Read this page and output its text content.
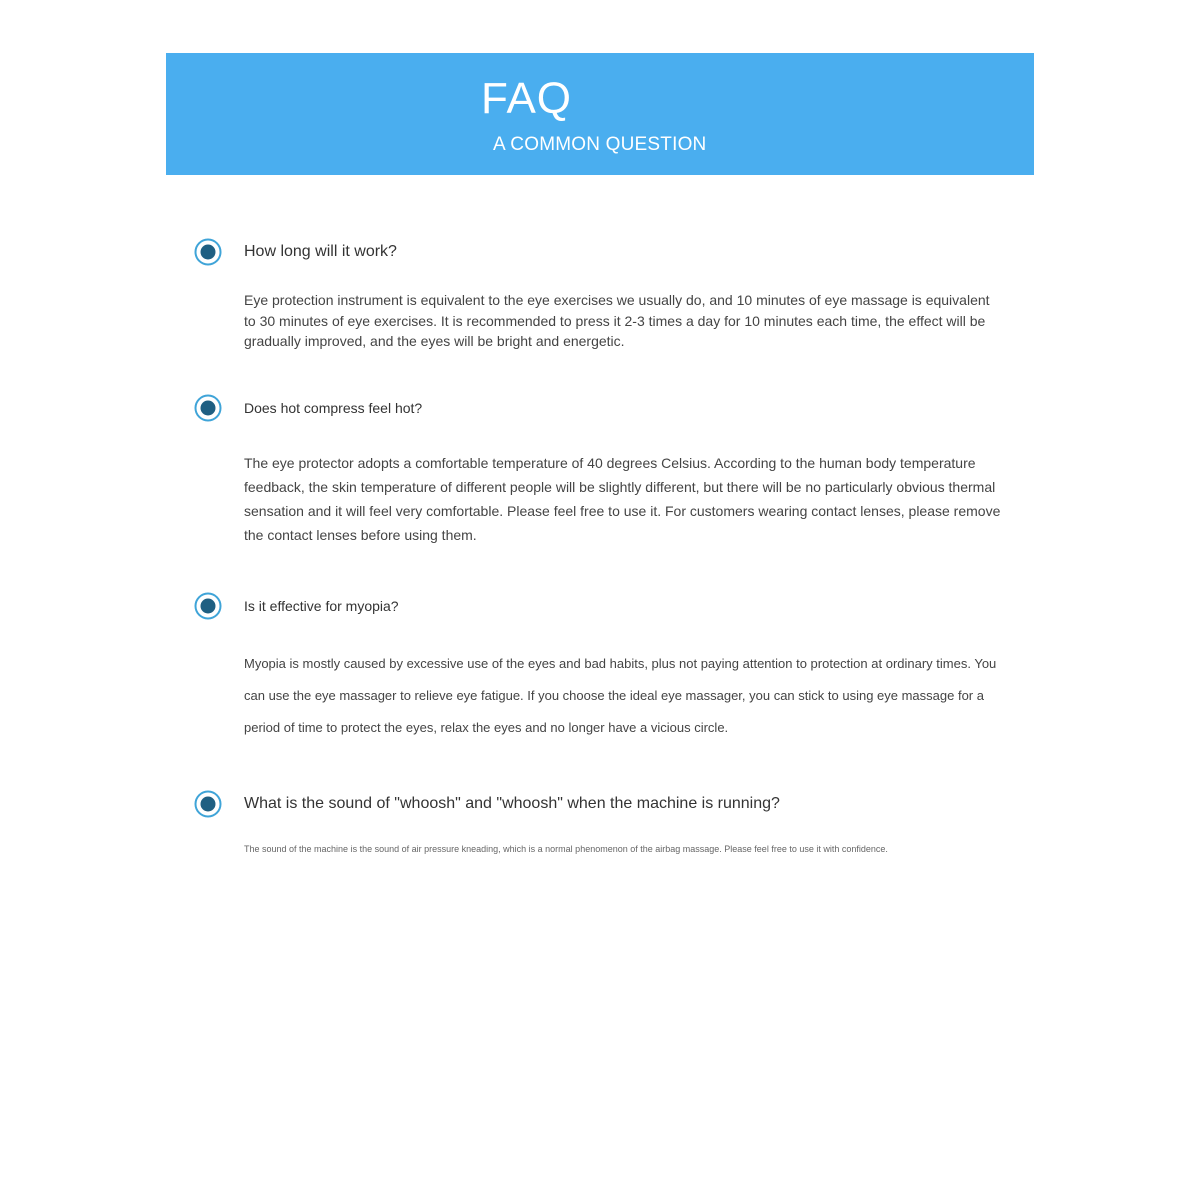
FAQ
A COMMON QUESTION
How long will it work?

Eye protection instrument is equivalent to the eye exercises we usually do, and 10 minutes of eye massage is equivalent to 30 minutes of eye exercises. It is recommended to press it 2-3 times a day for 10 minutes each time, the effect will be gradually improved, and the eyes will be bright and energetic.

Does hot compress feel hot?

The eye protector adopts a comfortable temperature of 40 degrees Celsius. According to the human body temperature feedback, the skin temperature of different people will be slightly different, but there will be no particularly obvious thermal sensation and it will feel very comfortable. Please feel free to use it. For customers wearing contact lenses, please remove the contact lenses before using them.

Is it effective for myopia?

Myopia is mostly caused by excessive use of the eyes and bad habits, plus not paying attention to protection at ordinary times. You can use the eye massager to relieve eye fatigue. If you choose the ideal eye massager, you can stick to using eye massage for a period of time to protect the eyes, relax the eyes and no longer have a vicious circle.

What is the sound of "whoosh" and "whoosh" when the machine is running?

The sound of the machine is the sound of air pressure kneading, which is a normal phenomenon of the airbag massage. Please feel free to use it with confidence.
